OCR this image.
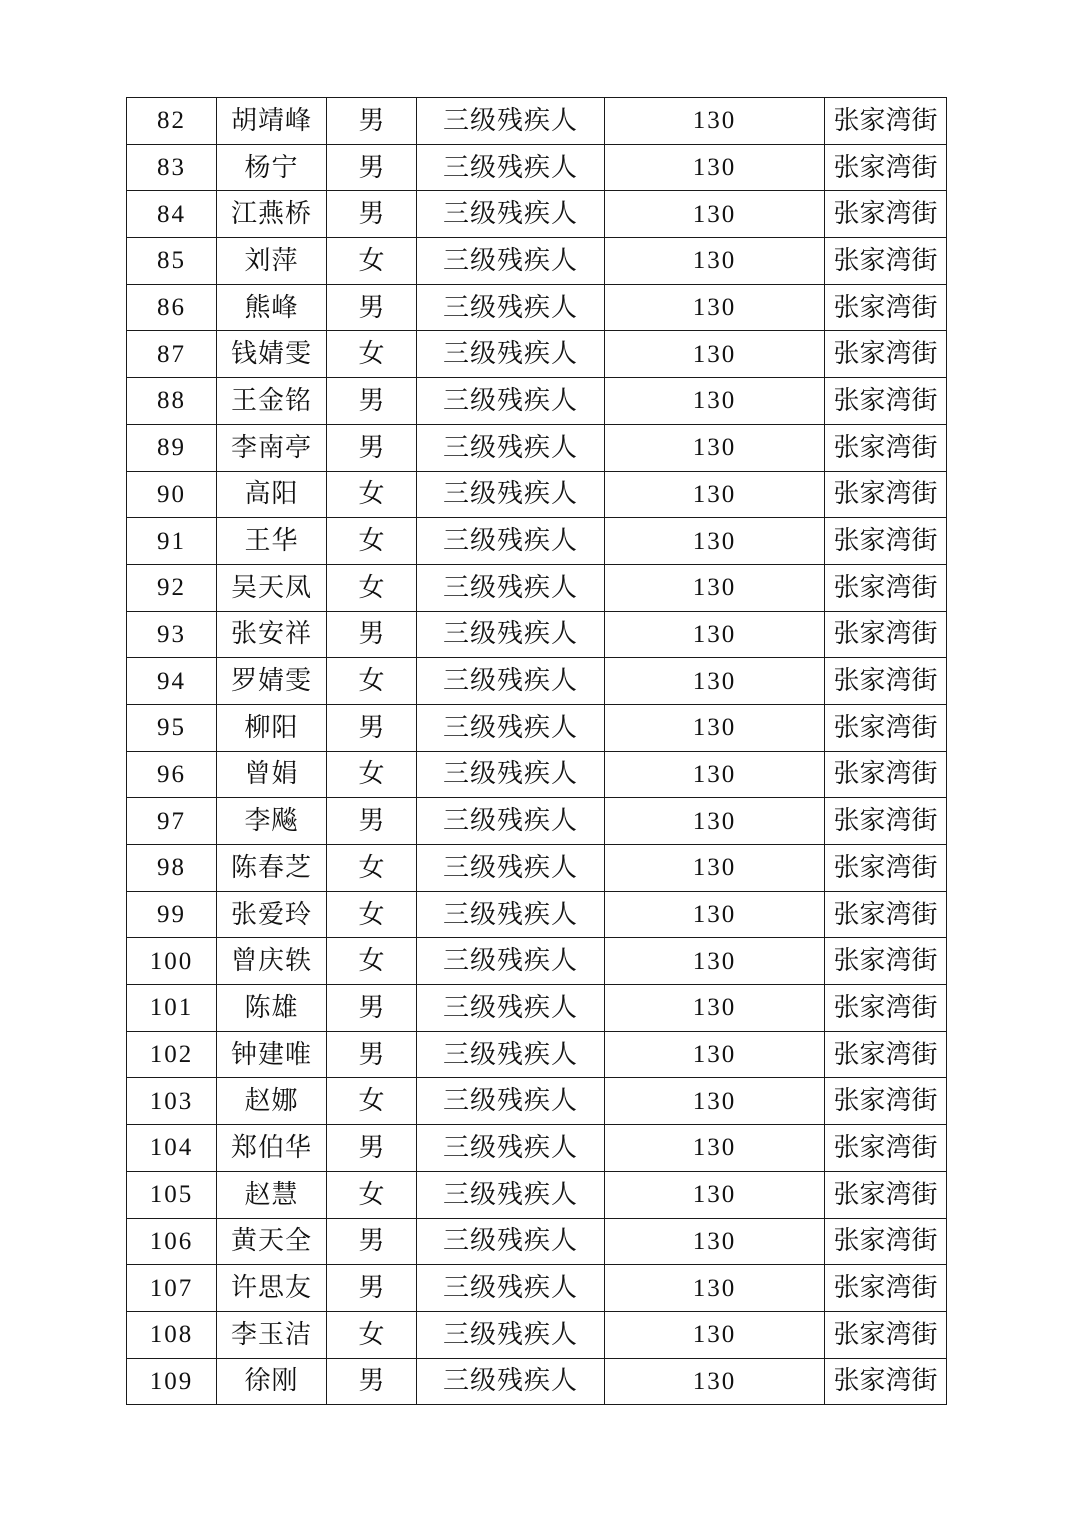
82	胡靖峰	男	三级残疾人	130	张家湾街
83	杨宁	男	三级残疾人	130	张家湾街
84	江燕桥	男	三级残疾人	130	张家湾街
85	刘萍	女	三级残疾人	130	张家湾街
86	熊峰	男	三级残疾人	130	张家湾街
87	钱婧雯	女	三级残疾人	130	张家湾街
88	王金铭	男	三级残疾人	130	张家湾街
89	李南亭	男	三级残疾人	130	张家湾街
90	高阳	女	三级残疾人	130	张家湾街
91	王华	女	三级残疾人	130	张家湾街
92	吴天凤	女	三级残疾人	130	张家湾街
93	张安祥	男	三级残疾人	130	张家湾街
94	罗婧雯	女	三级残疾人	130	张家湾街
95	柳阳	男	三级残疾人	130	张家湾街
96	曾娟	女	三级残疾人	130	张家湾街
97	李飚	男	三级残疾人	130	张家湾街
98	陈春芝	女	三级残疾人	130	张家湾街
99	张爱玲	女	三级残疾人	130	张家湾街
100	曾庆轶	女	三级残疾人	130	张家湾街
101	陈雄	男	三级残疾人	130	张家湾街
102	钟建唯	男	三级残疾人	130	张家湾街
103	赵娜	女	三级残疾人	130	张家湾街
104	郑伯华	男	三级残疾人	130	张家湾街
105	赵慧	女	三级残疾人	130	张家湾街
106	黄天全	男	三级残疾人	130	张家湾街
107	许思友	男	三级残疾人	130	张家湾街
108	李玉洁	女	三级残疾人	130	张家湾街
109	徐刚	男	三级残疾人	130	张家湾街
